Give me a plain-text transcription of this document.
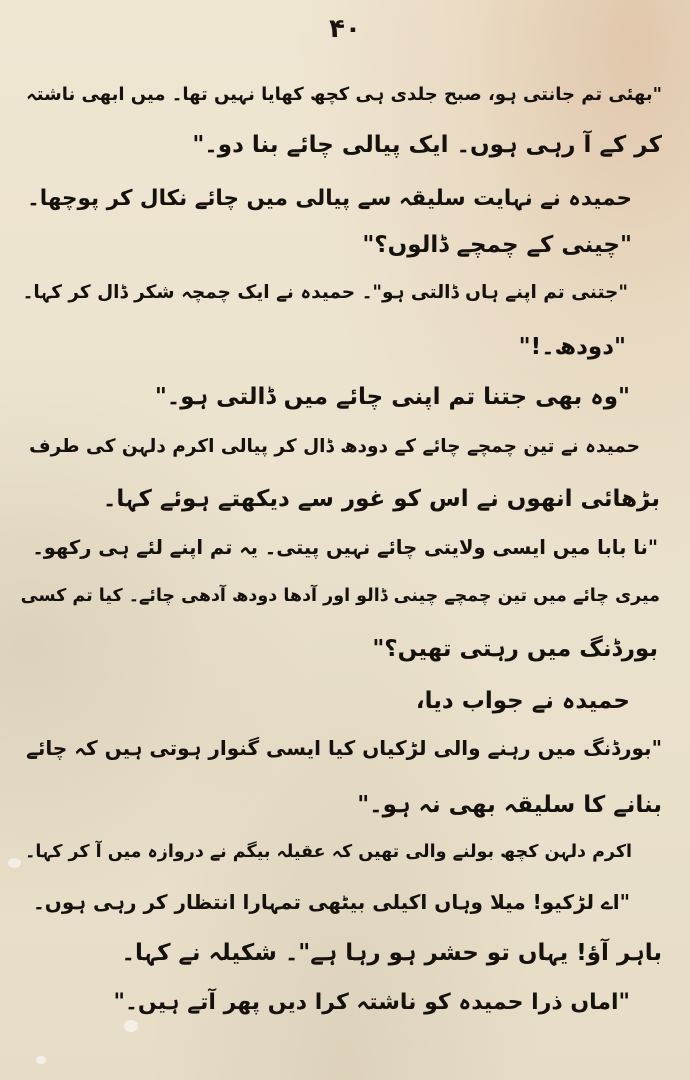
۴۰
"بھئی تم جانتی ہو، صبح جلدی ہی کچھ کھایا نہیں تھا۔ میں ابھی ناشتہ
کر کے آ رہی ہوں۔ ایک پیالی چائے بنا دو۔"
حمیدہ نے نہایت سلیقہ سے پیالی میں چائے نکال کر پوچھا۔
"چینی کے چمچے ڈالوں؟"
"جتنی تم اپنے ہاں ڈالتی ہو"۔ حمیدہ نے ایک چمچہ شکر ڈال کر کہا۔
"دودھ۔!"
"وہ بھی جتنا تم اپنی چائے میں ڈالتی ہو۔"
حمیدہ نے تین چمچے چائے کے دودھ ڈال کر پیالی اکرم دلہن کی طرف
بڑھائی انھوں نے اس کو غور سے دیکھتے ہوئے کہا۔
"نا بابا میں ایسی ولایتی چائے نہیں پیتی۔ یہ تم اپنے لئے ہی رکھو۔
میری چائے میں تین چمچے چینی ڈالو اور آدھا دودھ آدھی چائے۔ کیا تم کسی
بورڈنگ میں رہتی تھیں؟"
حمیدہ نے جواب دیا،
"بورڈنگ میں رہنے والی لڑکیاں کیا ایسی گنوار ہوتی ہیں کہ چائے
بنانے کا سلیقہ بھی نہ ہو۔"
اکرم دلہن کچھ بولنے والی تھیں کہ عقیلہ بیگم نے دروازہ میں آ کر کہا۔
"اے لڑکیو! میلا وہاں اکیلی بیٹھی تمہارا انتظار کر رہی ہوں۔
باہر آؤ! یہاں تو حشر ہو رہا ہے"۔ شکیلہ نے کہا۔
"اماں ذرا حمیدہ کو ناشتہ کرا دیں پھر آتے ہیں۔"
